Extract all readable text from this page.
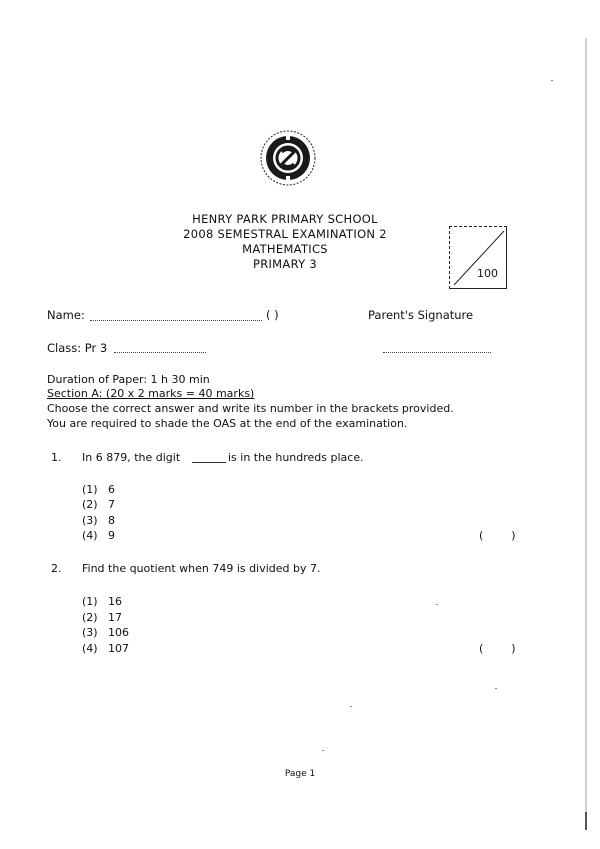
HENRY PARK PRIMARY SCHOOL
2008 SEMESTRAL EXAMINATION 2
MATHEMATICS
PRIMARY 3
100
Name:	( )	Parent's Signature
Class: Pr 3
Duration of Paper: 1 h 30 min
Section A: (20 x 2 marks = 40 marks)
Choose the correct answer and write its number in the brackets provided.
You are required to shade the OAS at the end of the examination.
1. In 6 879, the digit	is in the hundreds place.
(1) 6
(2) 7
(3) 8
(4) 9	(        )
2. Find the quotient when 749 is divided by 7.
(1) 16
(2) 17
(3) 106
(4) 107	(        )
Page 1
